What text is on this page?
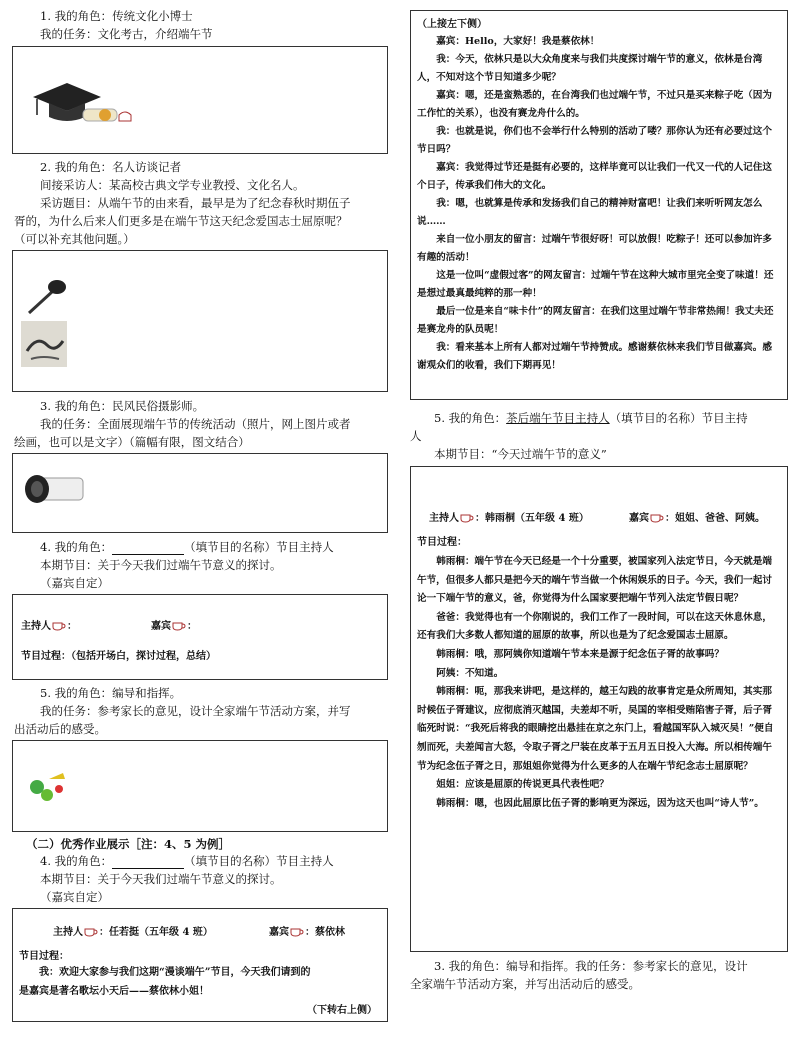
1. 我的角色：传统文化小博士
我的任务：文化考古，介绍端午节
2. 我的角色：名人访谈记者
间接采访人：某高校古典文学专业教授、文化名人。
采访题目：从端午节的由来看，最早是为了纪念春秋时期伍子
胥的，为什么后来人们更多是在端午节这天纪念爱国志士屈原呢？
（可以补充其他问题。）
3. 我的角色：民风民俗摄影师。
我的任务：全面展现端午节的传统活动（照片，网上图片或者
绘画，也可以是文字）（篇幅有限，图文结合）
4. 我的角色：	（填节目的名称）节目主持人
本期节目：关于今天我们过端午节意义的探讨。
（嘉宾自定）
主持人 ：	嘉宾 ：
节目过程：（包括开场白，探讨过程，总结）
5. 我的角色：编导和指挥。
我的任务：参考家长的意见，设计全家端午节活动方案，并写
出活动后的感受。
（二）优秀作业展示［注：4、5 为例］
4. 我的角色：	（填节目的名称）节目主持人
本期节目：关于今天我们过端午节意义的探讨。
（嘉宾自定）
主持人 ：任若挺（五年级 4 班）	嘉宾 ：蔡依林
节目过程：
我：欢迎大家参与我们这期“漫谈端午”节目，今天我们请到的
是嘉宾是著名歌坛小天后——蔡依林小姐！
（下转右上侧）
（上接左下侧）

嘉宾：Hello，大家好！我是蔡依林！

我：今天，依林只是以大众角度来与我们共度探讨端午节的意义，依林是台湾人，不知对这个节日知道多少呢？

嘉宾：嗯，还是蛮熟悉的，在台湾我们也过端午节，不过只是买来粽子吃（因为工作忙的关系），也没有赛龙舟什么的。

我：也就是说，你们也不会举行什么特别的活动了喽？那你认为还有必要过这个节日吗？

嘉宾：我觉得过节还是挺有必要的，这样毕竟可以让我们一代又一代的人记住这个日子，传承我们伟大的文化。

我：嗯，也就算是传承和发扬我们自己的精神财富吧！让我们来听听网友怎么说……

来自一位小朋友的留言：过端午节很好呀！可以放假！吃粽子！还可以参加许多有趣的活动！

这是一位叫“虚假过客”的网友留言：过端午节在这种大城市里完全变了味道！还是想过最真最纯粹的那一种！

最后一位是来自“味卡什”的网友留言：在我们这里过端午节非常热闹！我丈夫还是赛龙舟的队员呢！

我：看来基本上所有人都对过端午节持赞成。感谢蔡依林来我们节目做嘉宾。感谢观众们的收看，我们下期再见！

5. 我的角色：茶后端午节目主持人（填节目的名称）节目主持
人
本期节目：“今天过端午节的意义”
主持人 ：韩雨桐（五年级 4 班）	嘉宾 ：姐姐、爸爸、阿姨。
节目过程：

韩雨桐：端午节在今天已经是一个十分重要，被国家列入法定节日，今天就是端午节，但很多人都只是把今天的端午节当做一个休闲娱乐的日子。今天，我们一起讨论一下端午节的意义，爸，你觉得为什么国家要把端午节列入法定节假日呢？

爸爸：我觉得也有一个你刚说的，我们工作了一段时间，可以在这天休息休息，还有我们大多数人都知道的屈原的故事，所以也是为了纪念爱国志士屈原。

韩雨桐：哦，那阿姨你知道端午节本来是源于纪念伍子胥的故事吗？

阿姨：不知道。

韩雨桐：呃，那我来讲吧，是这样的，越王勾践的故事肯定是众所周知，其实那时候伍子胥建议，应彻底消灭越国，夫差却不听，吴国的宰相受贿陷害子胥，后子胥临死时说：“我死后将我的眼睛挖出悬挂在京之东门上，看越国军队入城灭吴！”便自刎而死，夫差闻言大怒，令取子胥之尸装在皮革于五月五日投入大海。所以相传端午节为纪念伍子胥之日，那姐姐你觉得为什么更多的人在端午节纪念志士屈原呢？

姐姐：应该是屈原的传说更具代表性吧？

韩雨桐：嗯，也因此屈原比伍子胥的影响更为深远，因为这天也叫“诗人节”。

3. 我的角色：编导和指挥。我的任务：参考家长的意见，设计
全家端午节活动方案，并写出活动后的感受。
